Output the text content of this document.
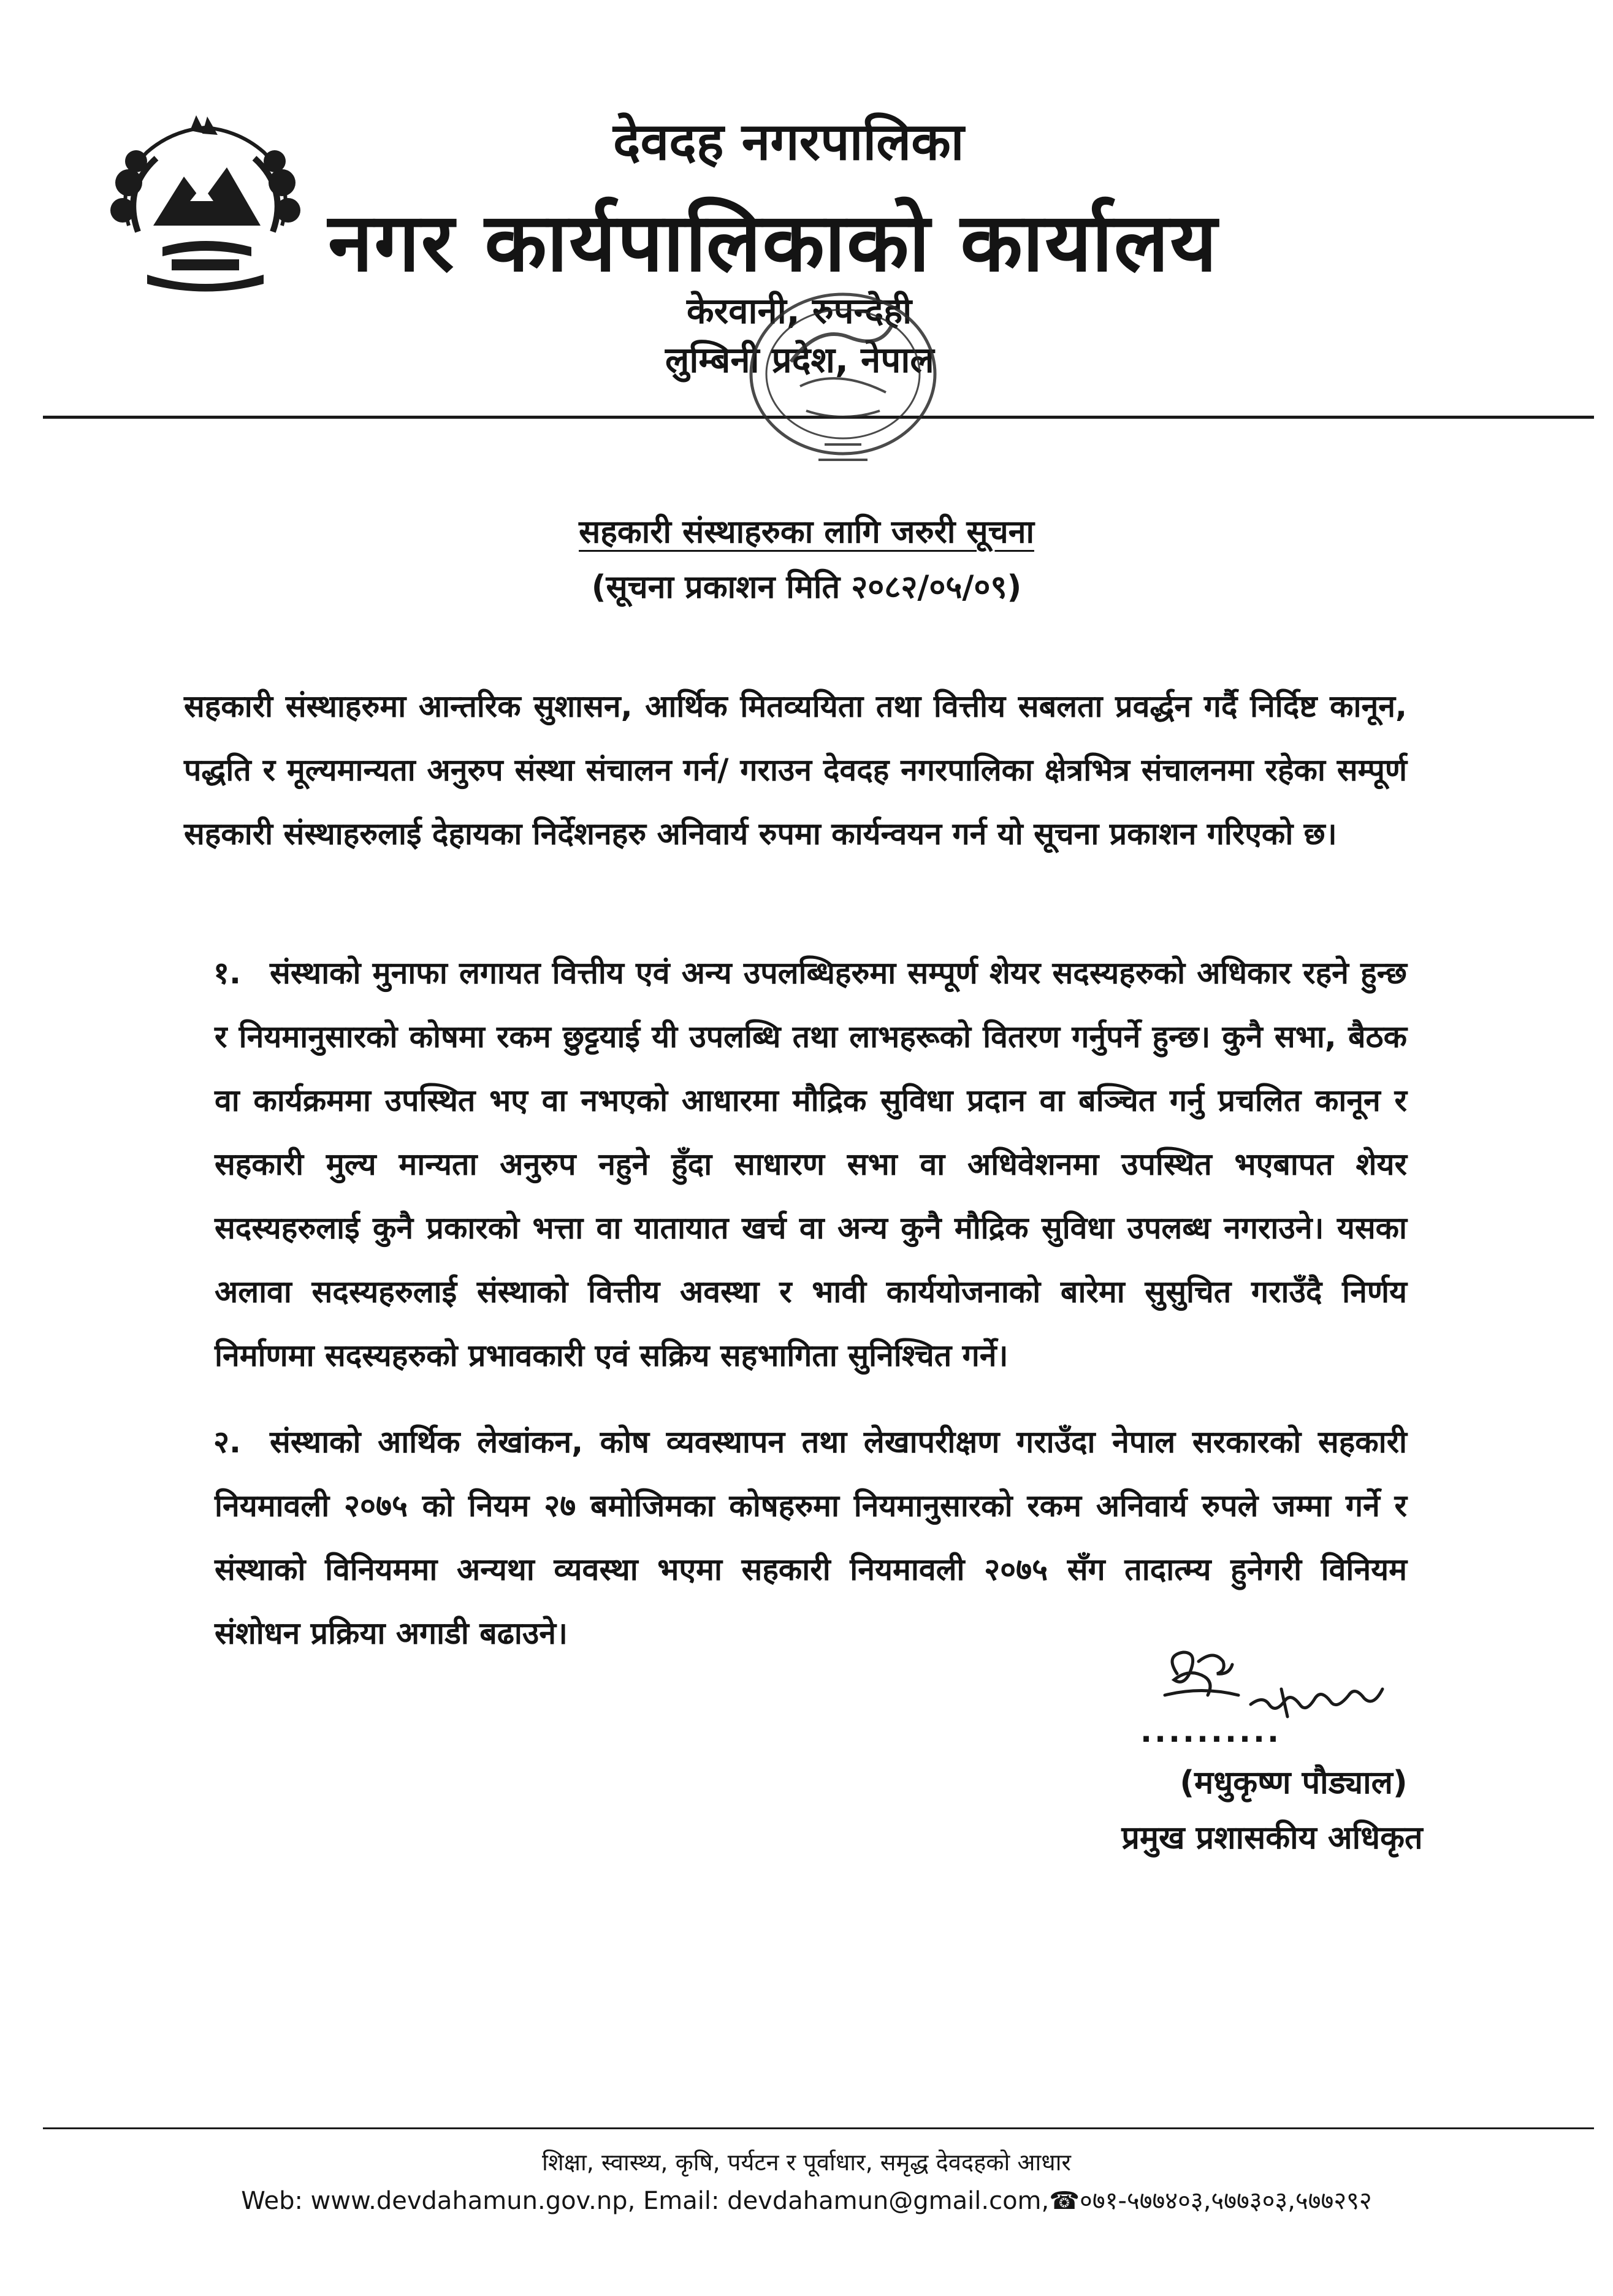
देवदह नगरपालिका
नगर कार्यपालिकाको कार्यालय
केरवानी, रुपन्देही
लुम्बिनी प्रदेश, नेपाल
सहकारी संस्थाहरुका लागि जरुरी सूचना
(सूचना प्रकाशन मिति २०८२/०५/०९)
सहकारी संस्थाहरुमा आन्तरिक सुशासन, आर्थिक मितव्ययिता तथा वित्तीय सबलता प्रवर्द्धन गर्दै निर्दिष्ट कानून, पद्धति र मूल्यमान्यता अनुरुप संस्था संचालन गर्न/ गराउन देवदह नगरपालिका क्षेत्रभित्र संचालनमा रहेका सम्पूर्ण सहकारी संस्थाहरुलाई देहायका निर्देशनहरु अनिवार्य रुपमा कार्यन्वयन गर्न यो सूचना प्रकाशन गरिएको छ।
१. संस्थाको मुनाफा लगायत वित्तीय एवं अन्य उपलब्धिहरुमा सम्पूर्ण शेयर सदस्यहरुको अधिकार रहने हुन्छ र नियमानुसारको कोषमा रकम छुट्टयाई यी उपलब्धि तथा लाभहरूको वितरण गर्नुपर्ने हुन्छ। कुनै सभा, बैठक वा कार्यक्रममा उपस्थित भए वा नभएको आधारमा मौद्रिक सुविधा प्रदान वा बञ्चित गर्नु प्रचलित कानून र सहकारी मुल्य मान्यता अनुरुप नहुने हुँदा साधारण सभा वा अधिवेशनमा उपस्थित भएबापत शेयर सदस्यहरुलाई कुनै प्रकारको भत्ता वा यातायात खर्च वा अन्य कुनै मौद्रिक सुविधा उपलब्ध नगराउने। यसका अलावा सदस्यहरुलाई संस्थाको वित्तीय अवस्था र भावी कार्ययोजनाको बारेमा सुसुचित गराउँदै निर्णय निर्माणमा सदस्यहरुको प्रभावकारी एवं सक्रिय सहभागिता सुनिश्चित गर्ने।
२. संस्थाको आर्थिक लेखांकन, कोष व्यवस्थापन तथा लेखापरीक्षण गराउँदा नेपाल सरकारको सहकारी नियमावली २०७५ को नियम २७ बमोजिमका कोषहरुमा नियमानुसारको रकम अनिवार्य रुपले जम्मा गर्ने र संस्थाको विनियममा अन्यथा व्यवस्था भएमा सहकारी नियमावली २०७५ सँग तादात्म्य हुनेगरी विनियम संशोधन प्रक्रिया अगाडी बढाउने।
..........
(मधुकृष्ण पौड्याल)
प्रमुख प्रशासकीय अधिकृत
शिक्षा, स्वास्थ्य, कृषि, पर्यटन र पूर्वाधार, समृद्ध देवदहको आधार
Web: www.devdahamun.gov.np, Email: devdahamun@gmail.com,☎०७१-५७७४०३,५७७३०३,५७७२९२
